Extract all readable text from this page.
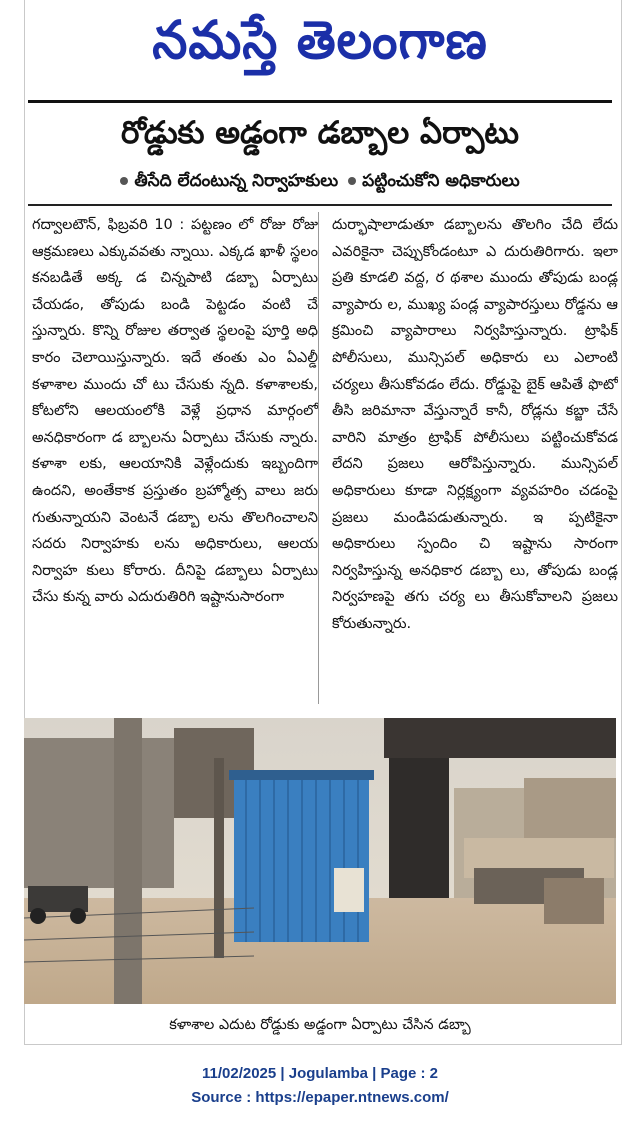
నమస్తే తెలంగాణ
రోడ్డుకు అడ్డంగా డబ్బాల ఏర్పాటు
తీసేది లేదంటున్న నిర్వాహకులు	పట్టించుకోని అధికారులు
గద్వాలటౌన్, ఫిబ్రవరి 10 : పట్టణం లో రోజు రోజు ఆక్రమణలు ఎక్కువవతు న్నాయి. ఎక్కడ ఖాళీ స్థలం కనబడితే అక్క డ చిన్నపాటి డబ్బా ఏర్పాటు చేయడం, తోపుడు బండి పెట్టడం వంటి చే స్తున్నారు. కొన్ని రోజుల తర్వాత స్థలంపై పూర్తి అధి కారం చెలాయిస్తున్నారు. ఇదే తంతు ఎం ఏఎల్డీ కళాశాల ముందు చో టు చేసుకు న్నది. కళాశాలకు, కోటలోని ఆలయంలోకి వెళ్లే ప్రధాన మార్గంలో అనధికారంగా డ బ్బాలను ఏర్పాటు చేసుకు న్నారు. కళాశా లకు, ఆలయానికి వెళ్లేందుకు ఇబ్బందిగా ఉందని, అంతేకాక ప్రస్తుతం బ్రహ్మోత్స వాలు జరు గుతున్నాయని వెంటనే డబ్బా లను తొలగించాలని సదరు నిర్వాహకు లను అధికారులు, ఆలయ నిర్వాహ కులు కోరారు. దీనిపై డబ్బాలు ఏర్పాటు చేసు కున్న వారు ఎదురుతిరిగి ఇష్టానుసారంగా
దుర్భాషాలాడుతూ డబ్బాలను తొలగిం చేది లేదు ఎవరికైనా చెప్పుకోండంటూ ఎ దురుతిరిగారు. ఇలా ప్రతి కూడలి వద్ద, ర థశాల ముందు తోపుడు బండ్ల వ్యాపారు ల, ముఖ్య పండ్ల వ్యాపారస్తులు రోడ్డను ఆ క్రమించి వ్యాపారాలు నిర్వహిస్తున్నారు. ట్రాఫిక్ పోలీసులు, మున్సిపల్ అధికారు లు ఎలాంటి చర్యలు తీసుకోవడం లేదు. రోడ్డుపై బైక్ ఆపితే ఫొటో తీసి జరిమానా వేస్తున్నారే కానీ, రోడ్లను కబ్జా చేసే వారిని మాత్రం ట్రాఫిక్ పోలీసులు పట్టించుకోవడ లేదని ప్రజలు ఆరోపిస్తున్నారు. మున్సిపల్ అధికారులు కూడా నిర్లక్ష్యంగా వ్యవహరిం చడంపై ప్రజలు మండిపడుతున్నారు. ఇ ప్పటికైనా అధికారులు స్పందిం చి ఇష్టాను సారంగా నిర్వహిస్తున్న అనధికార డబ్బా లు, తోపుడు బండ్ల నిర్వహణపై తగు చర్య లు తీసుకోవాలని ప్రజలు కోరుతున్నారు.
కళాశాల ఎదుట రోడ్డుకు అడ్డంగా ఏర్పాటు చేసిన డబ్బా
11/02/2025 | Jogulamba | Page : 2
Source : https://epaper.ntnews.com/
